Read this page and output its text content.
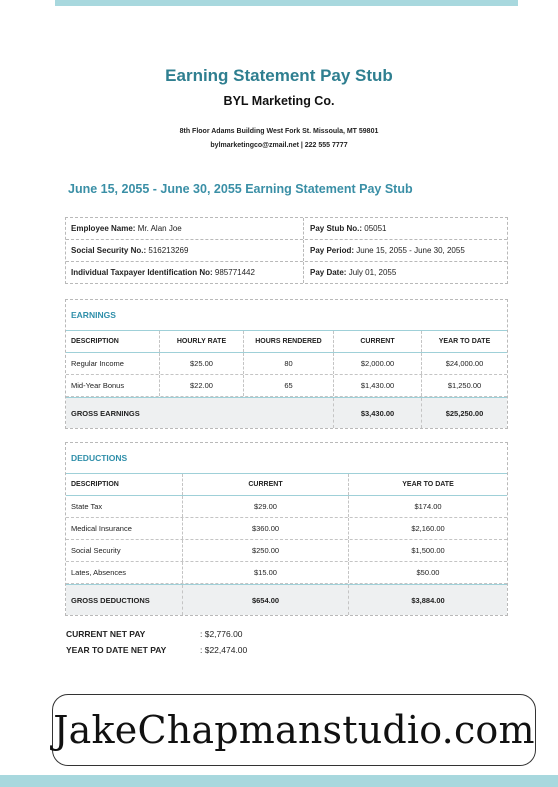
Earning Statement Pay Stub
BYL Marketing Co.
8th Floor Adams Building West Fork St. Missoula, MT 59801
bylmarketingco@zmail.net | 222 555 7777
June 15, 2055 - June 30, 2055 Earning Statement Pay Stub
Employee Name: Mr. Alan Joe	Pay Stub No.: 05051
Social Security No.: 516213269	Pay Period: June 15, 2055 - June 30, 2055
Individual Taxpayer Identification No: 985771442	Pay Date: July 01, 2055
EARNINGS
DESCRIPTION	HOURLY RATE	HOURS RENDERED	CURRENT	YEAR TO DATE
Regular Income	$25.00	80	$2,000.00	$24,000.00
Mid-Year Bonus	$22.00	65	$1,430.00	$1,250.00
GROSS EARNINGS	$3,430.00	$25,250.00
DEDUCTIONS
DESCRIPTION	CURRENT	YEAR TO DATE
State Tax	$29.00	$174.00
Medical Insurance	$360.00	$2,160.00
Social Security	$250.00	$1,500.00
Lates, Absences	$15.00	$50.00
GROSS DEDUCTIONS	$654.00	$3,884.00
CURRENT NET PAY	: $2,776.00
YEAR TO DATE NET PAY	: $22,474.00
JakeChapmanstudio.com
